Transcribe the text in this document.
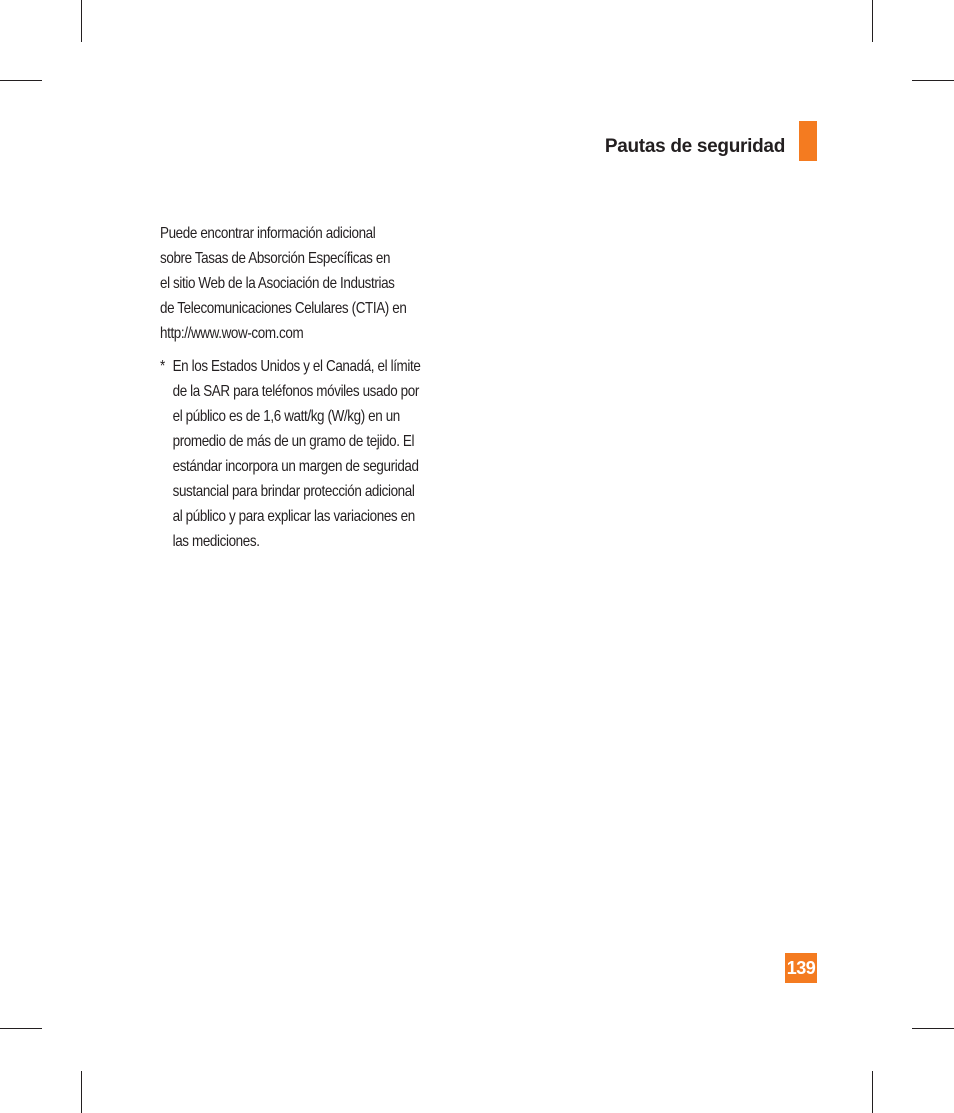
Pautas de seguridad

Puede encontrar información adicional

sobre Tasas de Absorción Específicas en

el sitio Web de la Asociación de Industrias

de Telecomunicaciones Celulares (CTIA) en

http://www.wow-com.com

* En los Estados Unidos y el Canadá, el límite
de la SAR para teléfonos móviles usado por
el público es de 1,6 watt/kg (W/kg) en un
promedio de más de un gramo de tejido. El
estándar incorpora un margen de seguridad
sustancial para brindar protección adicional
al público y para explicar las variaciones en
las mediciones.
139
